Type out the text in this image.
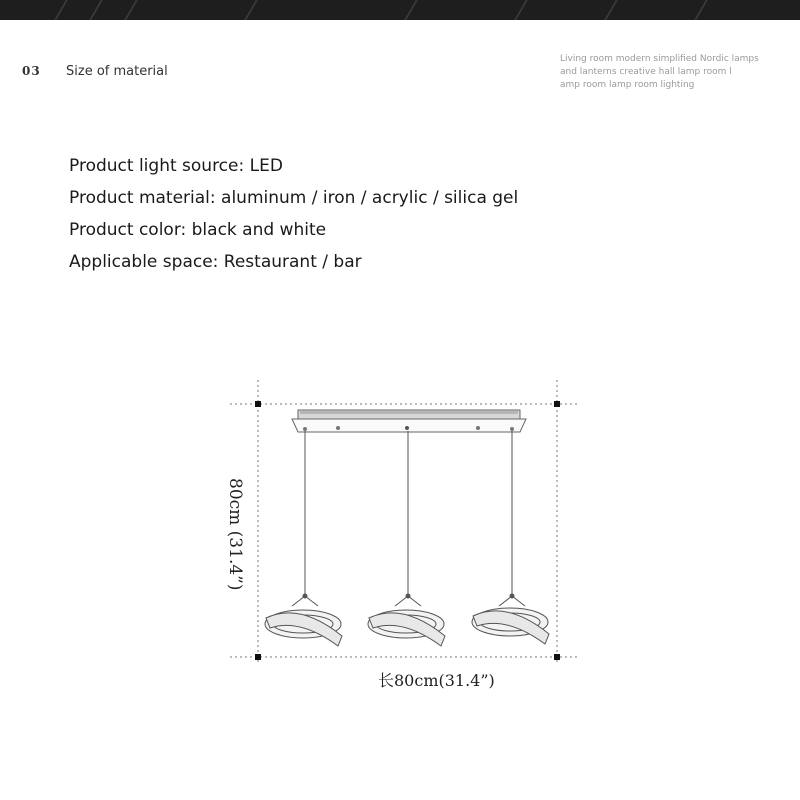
03 Size of material
Living room modern simplified Nordic lamps
and lanterns creative hall lamp room l
amp room lamp room lighting
Product light source: LED
Product material: aluminum / iron / acrylic / silica gel
Product color: black and white
Applicable space: Restaurant / bar
80cm (31.4”)
长80cm(31.4”)
